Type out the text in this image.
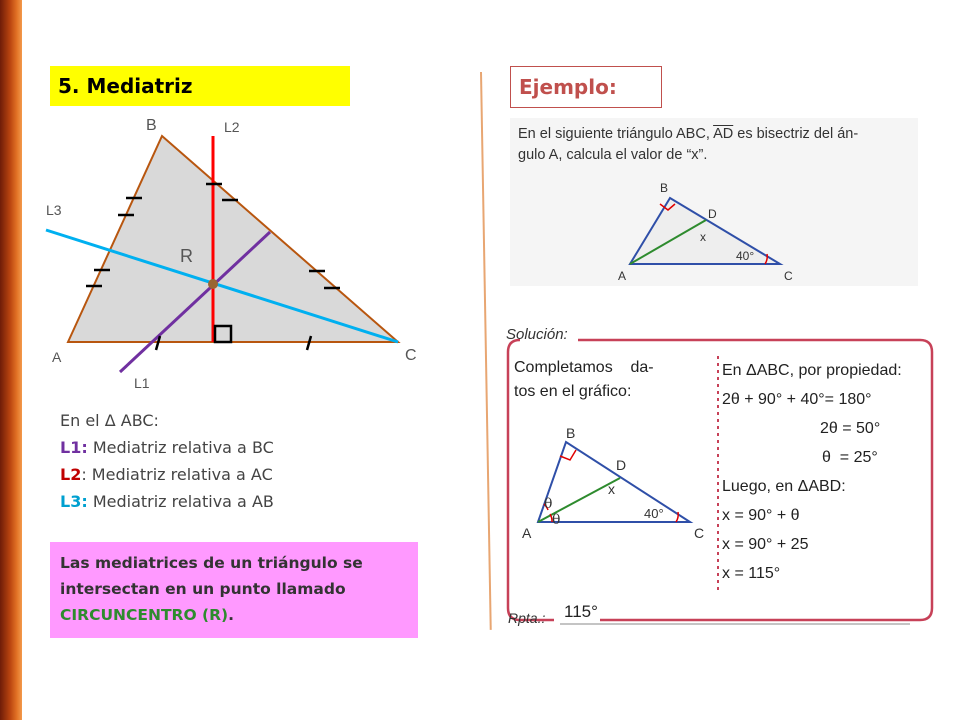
5. Mediatriz	Ejemplo:
B
A	C
R
L2
L3
L1
En el Δ ABC:
L1: Mediatriz relativa a BC
L2: Mediatriz relativa a AC
L3: Mediatriz relativa a AB
Las mediatrices de un triángulo se
intersectan en un punto llamado
CIRCUNCENTRO (R).
En el siguiente triángulo ABC, $\overline{AD}$ es bisectriz del án-
gulo A, calcula el valor de “x”.
B
D
x
A	C
40°
B
D
x
A	C
40°
θ
θ
Solución:
Completamos    da-
tos en el gráfico:
En ΔABC, por propiedad:
2θ + 90° + 40°= 180°
2θ = 50°
θ  = 25°
Luego, en ΔABD:
x = 90° + θ
x = 90° + 25
x = 115°
Rpta.: 115°
